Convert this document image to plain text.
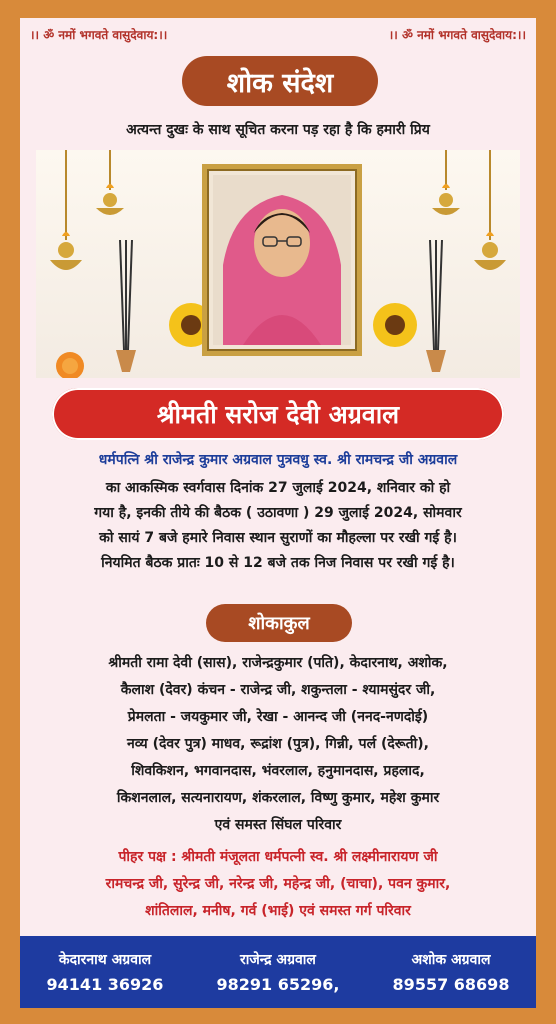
।। ॐ नमों भगवते वासुदेवाय:।।	।। ॐ नमों भगवते वासुदेवाय:।।
शोक संदेश
अत्यन्त दुखः के साथ सूचित करना पड़ रहा है कि हमारी प्रिय
श्रीमती सरोज देवी अग्रवाल
धर्मपत्नि श्री राजेन्द्र कुमार अग्रवाल पुत्रवधु स्व. श्री रामचन्द्र जी अग्रवाल
का आकस्मिक स्वर्गवास दिनांक 27 जुलाई 2024, शनिवार को हो
गया है, इनकी तीये की बैठक ( उठावणा ) 29 जुलाई 2024, सोमवार
को सायं 7 बजे हमारे निवास स्थान सुराणों का मौहल्ला पर रखी गई है।
नियमित बैठक प्रातः 10 से 12 बजे तक निज निवास पर रखी गई है।
शोकाकुल
श्रीमती रामा देवी (सास), राजेन्द्रकुमार (पति), केदारनाथ, अशोक,
कैलाश (देवर) कंचन - राजेन्द्र जी, शकुन्तला - श्यामसुंदर जी,
प्रेमलता - जयकुमार जी, रेखा - आनन्द जी (ननद-नणदोई)
नव्य (देवर पुत्र) माधव, रूद्रांश (पुत्र), गिन्नी, पर्ल (देरूती),
शिवकिशन, भगवानदास, भंवरलाल, हनुमानदास, प्रहलाद,
किशनलाल, सत्यनारायण, शंकरलाल, विष्णु कुमार, महेश कुमार
एवं समस्त सिंघल परिवार
पीहर पक्ष : श्रीमती मंजूलता धर्मपत्नी स्व. श्री लक्ष्मीनारायण जी
रामचन्द्र जी, सुरेन्द्र जी, नरेन्द्र जी, महेन्द्र जी, (चाचा), पवन कुमार,
शांतिलाल, मनीष, गर्व (भाई) एवं समस्त गर्ग परिवार
केदारनाथ अग्रवाल
94141 36926
राजेन्द्र अग्रवाल
98291 65296,
अशोक अग्रवाल
89557 68698
